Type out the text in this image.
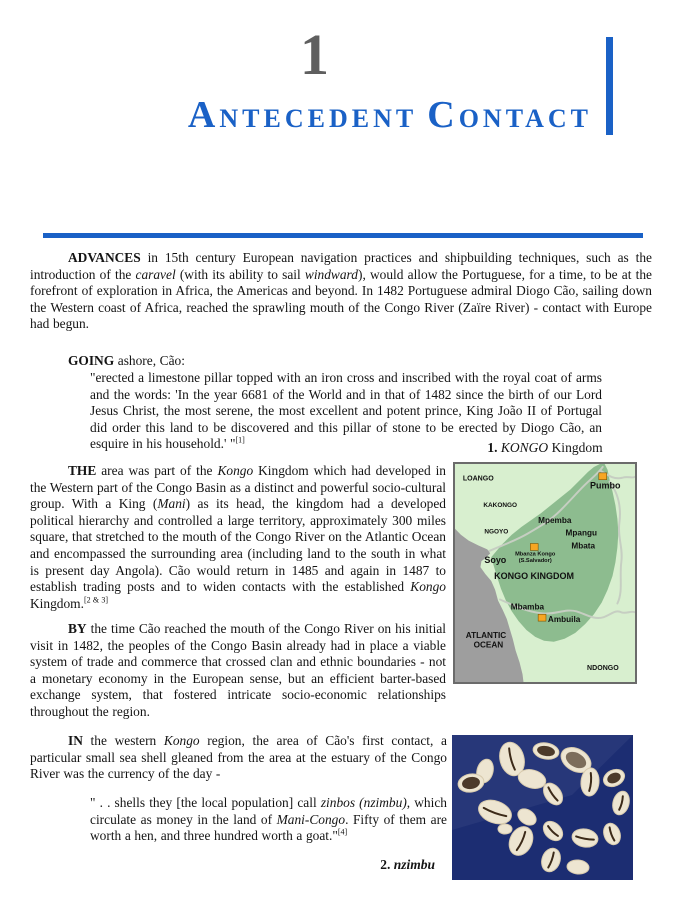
1
ANTECEDENT CONTACT
ADVANCES in 15th century European navigation practices and shipbuilding techniques, such as the introduction of the caravel (with its ability to sail windward), would allow the Portuguese, for a time, to be at the forefront of exploration in Africa, the Americas and beyond. In 1482 Portuguese admiral Diogo Cão, sailing down the Western coast of Africa, reached the sprawling mouth of the Congo River (Zaïre River) - contact with Europe had begun.
GOING ashore, Cão:
"erected a limestone pillar topped with an iron cross and inscribed with the royal coat of arms and the words: 'In the year 6681 of the World and in that of 1482 since the birth of our Lord Jesus Christ, the most serene, the most excellent and potent prince, King João II of Portugal did order this land to be discovered and this pillar of stone to be erected by Diogo Cão, an esquire in his household.' "[1]	1. KONGO Kingdom
THE area was part of the Kongo Kingdom which had developed in the Western part of the Congo Basin as a distinct and powerful socio-cultural group. With a King (Mani) as its head, the kingdom had a developed political hierarchy and controlled a large territory, approximately 300 miles square, that stretched to the mouth of the Congo River on the Atlantic Ocean and encompassed the surrounding area (including land to the south in what is present day Angola). Cão would return in 1485 and again in 1487 to establish trading posts and to widen contacts with the established Kongo Kingdom.[2 & 3]
BY the time Cão reached the mouth of the Congo River on his initial visit in 1482, the peoples of the Congo Basin already had in place a viable system of trade and commerce that crossed clan and ethnic boundaries - not a monetary economy in the European sense, but an efficient barter-based exchange system, that fostered intricate socio-economic relationships throughout the region.
IN the western Kongo region, the area of Cão's first contact, a particular small sea shell gleaned from the area at the estuary of the Congo River was the currency of the day -
" . . shells they [the local population] call zinbos (nzimbu), which circulate as money in the land of Mani-Congo. Fifty of them are worth a hen, and three hundred worth a goat."[4]
2. nzimbu
LOANGO
KAKONGO
NGOYO
Mpemba
Mpangu
Mbata
Pumbo
Soyo
Mbanza Kongo
(S.Salvador)
KONGO KINGDOM
Mbamba
Ambuila
ATLANTIC
OCEAN
NDONGO
